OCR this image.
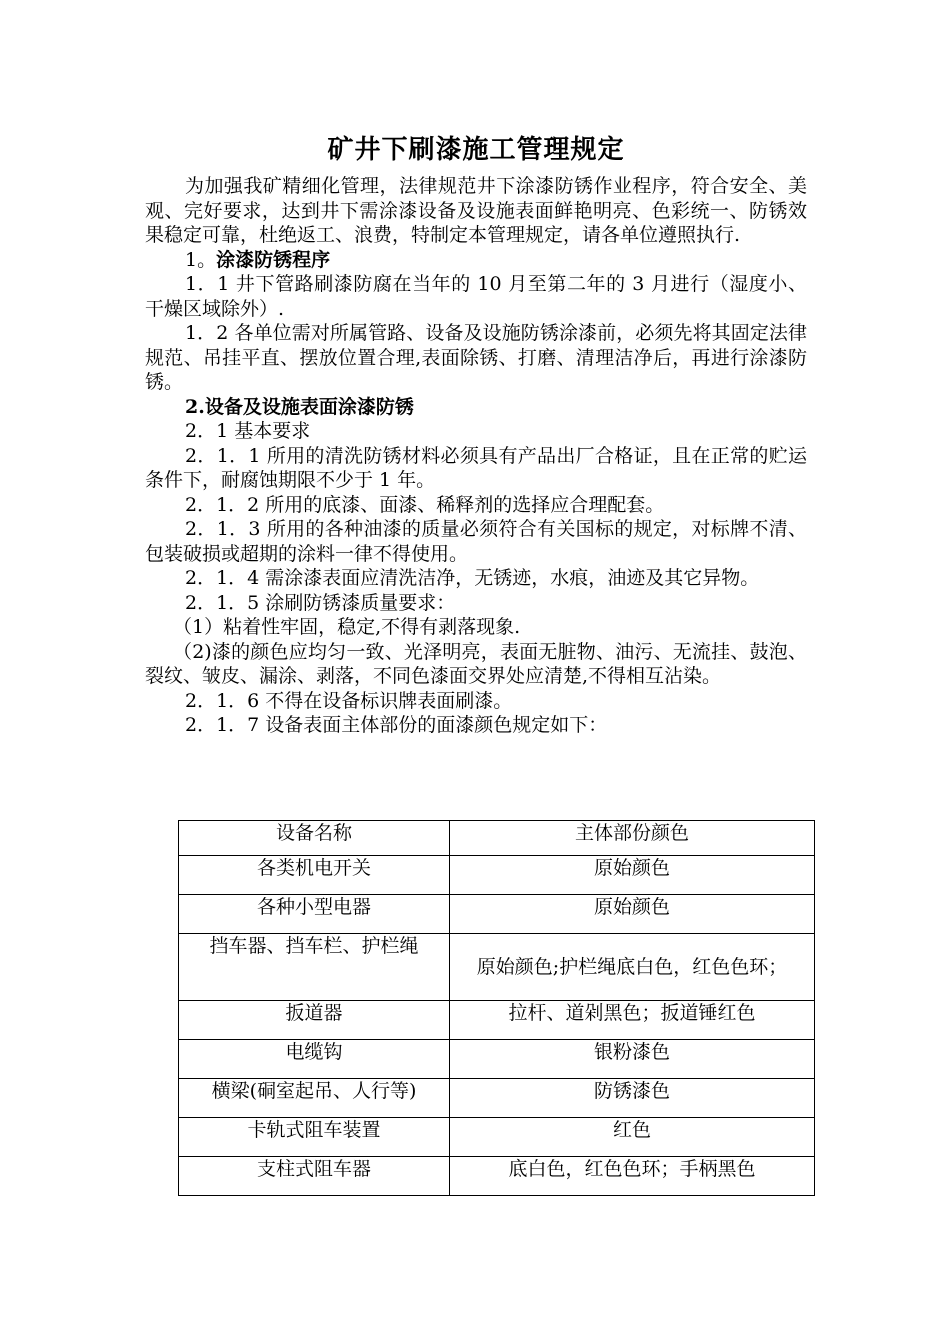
矿井下刷漆施工管理规定

为加强我矿精细化管理，法律规范井下涂漆防锈作业程序，符合安全、美观、完好要求，达到井下需涂漆设备及设施表面鲜艳明亮、色彩统一、防锈效果稳定可靠，杜绝返工、浪费，特制定本管理规定，请各单位遵照执行.

1。涂漆防锈程序

1．1 井下管路刷漆防腐在当年的 10 月至第二年的 3 月进行（湿度小、干燥区域除外）.

1．2 各单位需对所属管路、设备及设施防锈涂漆前，必须先将其固定法律规范、吊挂平直、摆放位置合理,表面除锈、打磨、清理洁净后，再进行涂漆防锈。

2.设备及设施表面涂漆防锈

2．1 基本要求

2．1．1 所用的清洗防锈材料必须具有产品出厂合格证，且在正常的贮运条件下，耐腐蚀期限不少于 1 年。

2．1．2 所用的底漆、面漆、稀释剂的选择应合理配套。

2．1．3 所用的各种油漆的质量必须符合有关国标的规定，对标牌不清、包装破损或超期的涂料一律不得使用。

2．1．4 需涂漆表面应清洗洁净，无锈迹，水痕，油迹及其它异物。

2．1．5 涂刷防锈漆质量要求：

（1）粘着性牢固，稳定,不得有剥落现象.

（2)漆的颜色应均匀一致、光泽明亮，表面无脏物、油污、无流挂、鼓泡、裂纹、皱皮、漏涂、剥落，不同色漆面交界处应清楚,不得相互沾染。

2．1．6 不得在设备标识牌表面刷漆。

2．1．7 设备表面主体部份的面漆颜色规定如下：

设备名称	主体部份颜色
各类机电开关	原始颜色
各种小型电器	原始颜色
挡车器、挡车栏、护栏绳	原始颜色;护栏绳底白色，红色色环；
扳道器	拉杆、道剁黑色；扳道锤红色
电缆钩	银粉漆色
横梁(硐室起吊、人行等)	防锈漆色
卡轨式阻车装置	红色
支柱式阻车器	底白色，红色色环；手柄黑色
